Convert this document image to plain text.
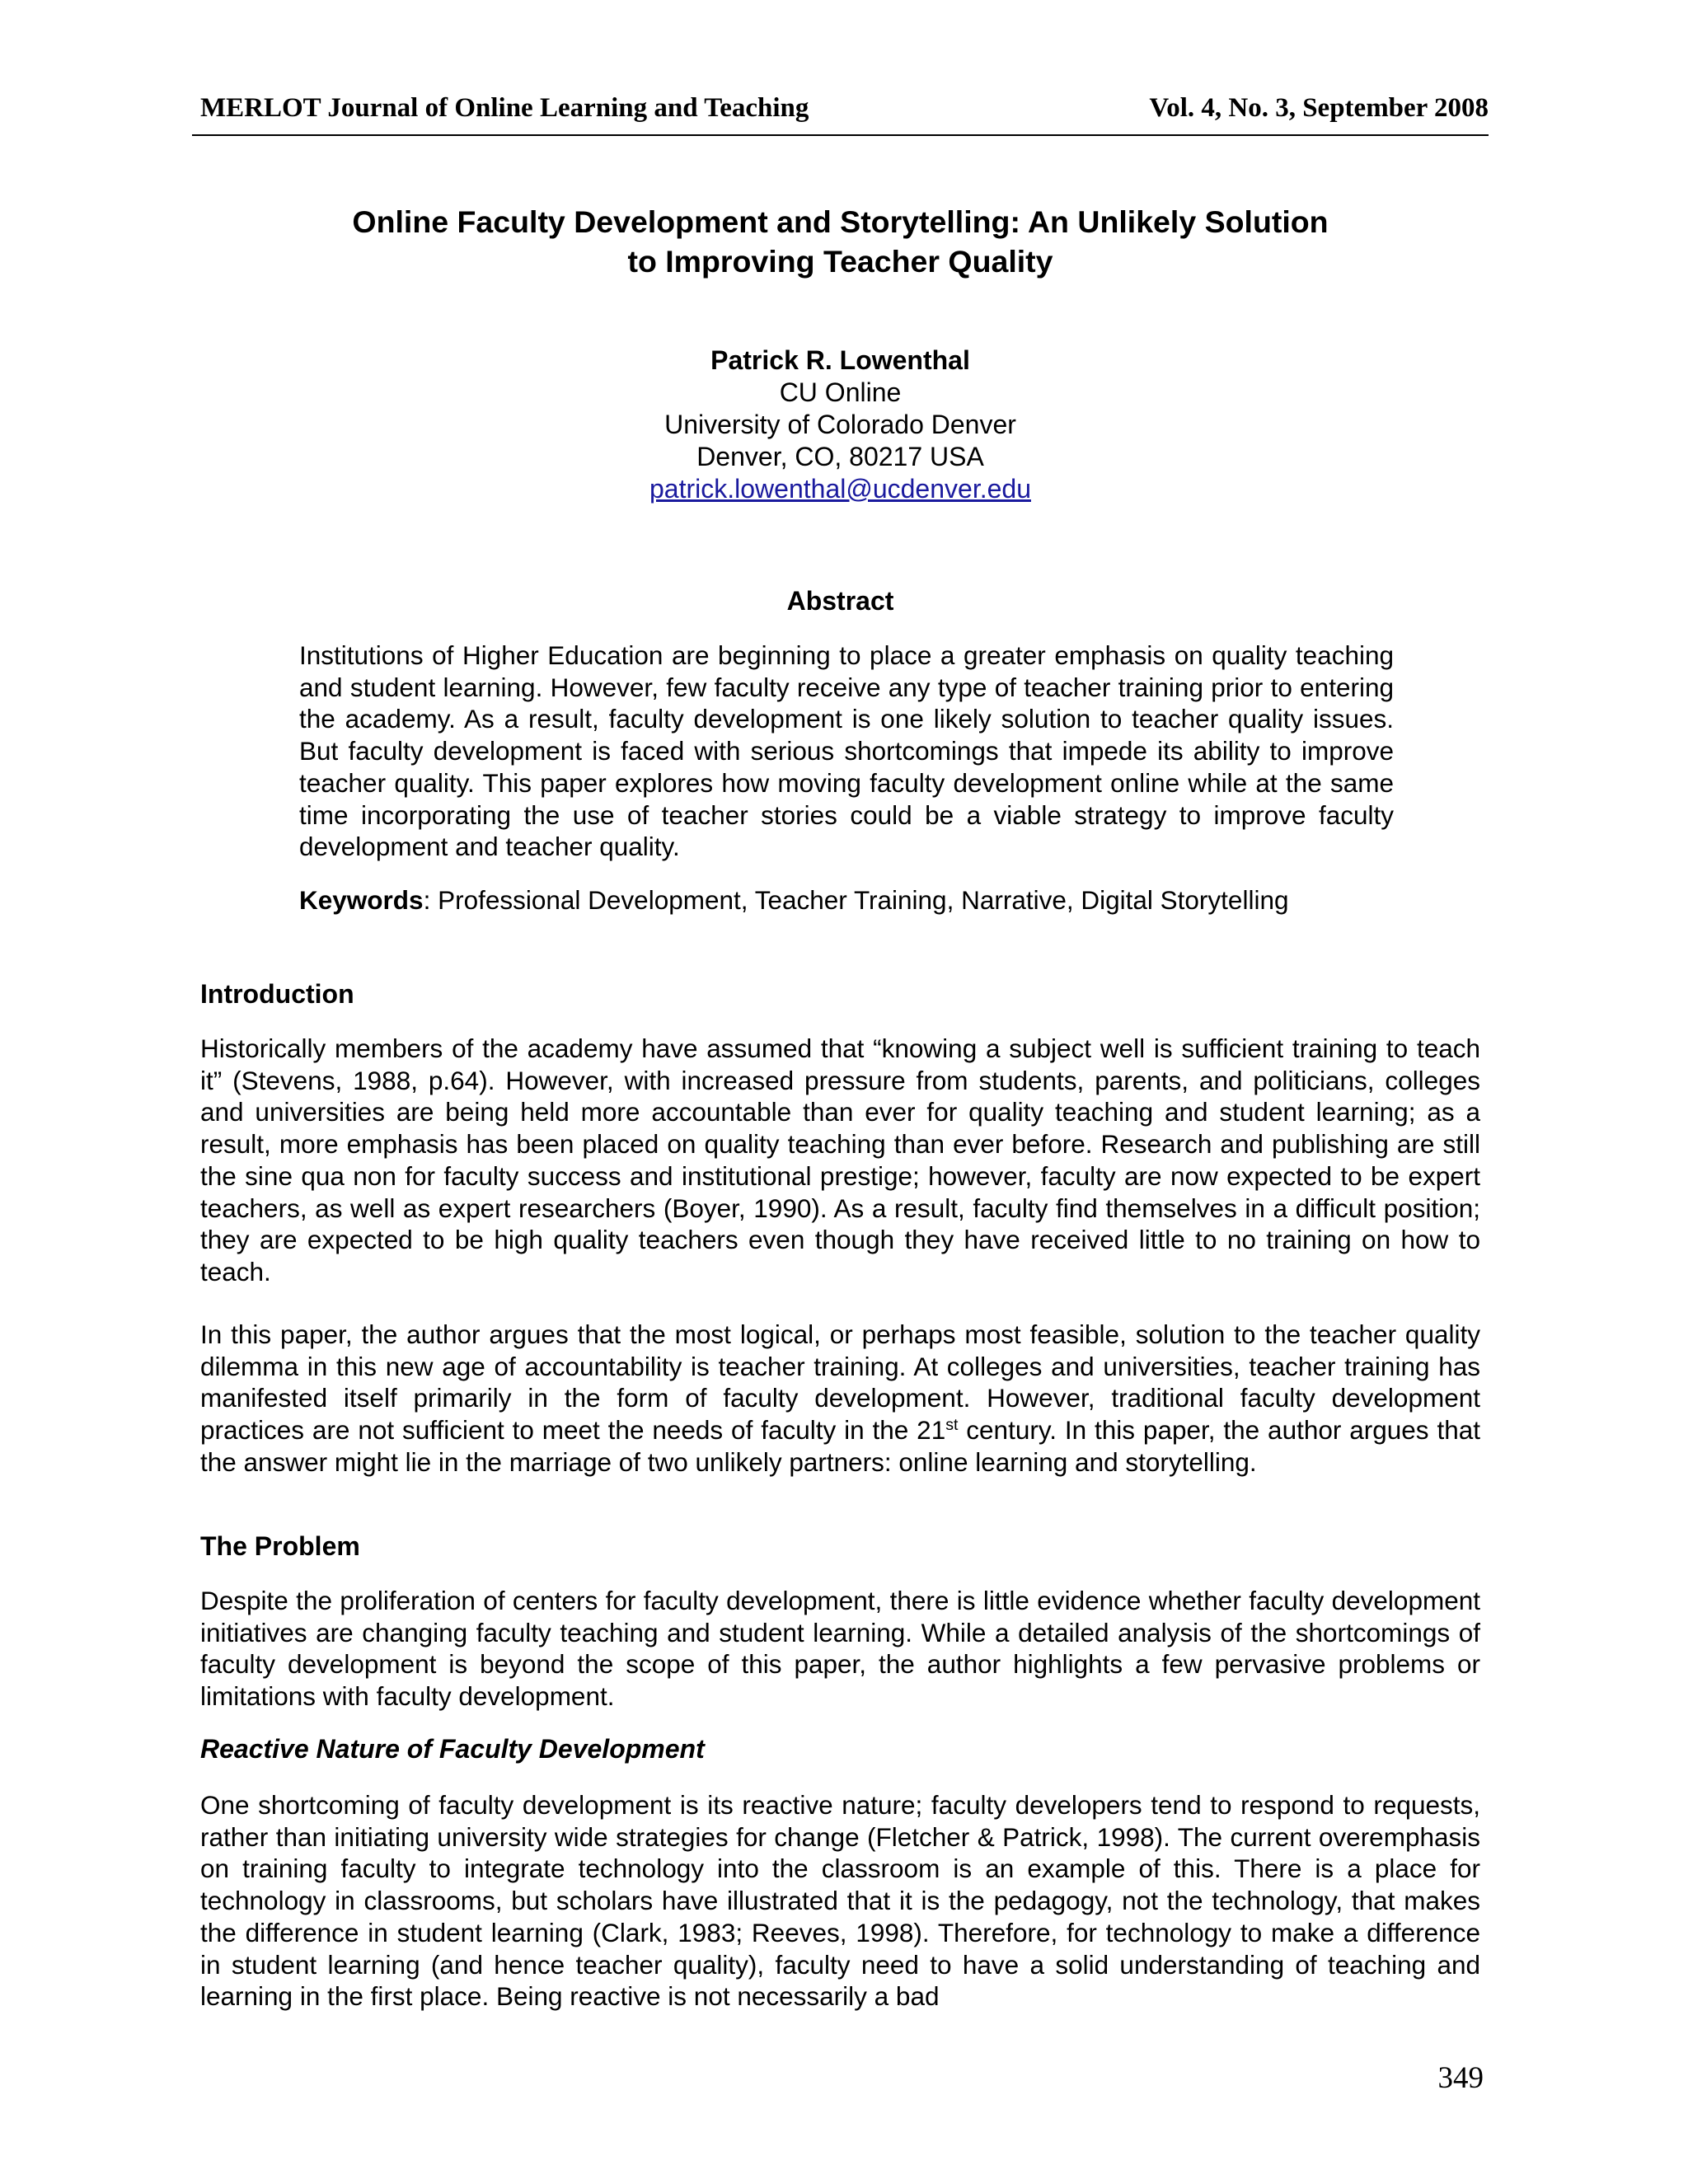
MERLOT Journal of Online Learning and Teaching	Vol. 4, No. 3, September 2008
Online Faculty Development and Storytelling: An Unlikely Solution
to Improving Teacher Quality
Patrick R. Lowenthal
CU Online
University of Colorado Denver
Denver, CO, 80217 USA
patrick.lowenthal@ucdenver.edu
Abstract

Institutions of Higher Education are beginning to place a greater emphasis on quality teaching and student learning. However, few faculty receive any type of teacher training prior to entering the academy. As a result, faculty development is one likely solution to teacher quality issues. But faculty development is faced with serious shortcomings that impede its ability to improve teacher quality. This paper explores how moving faculty development online while at the same time incorporating the use of teacher stories could be a viable strategy to improve faculty development and teacher quality.

Keywords: Professional Development, Teacher Training, Narrative, Digital Storytelling

Introduction

Historically members of the academy have assumed that “knowing a subject well is sufficient training to teach it” (Stevens, 1988, p.64). However, with increased pressure from students, parents, and politicians, colleges and universities are being held more accountable than ever for quality teaching and student learning; as a result, more emphasis has been placed on quality teaching than ever before. Research and publishing are still the sine qua non for faculty success and institutional prestige; however, faculty are now expected to be expert teachers, as well as expert researchers (Boyer, 1990). As a result, faculty find themselves in a difficult position; they are expected to be high quality teachers even though they have received little to no training on how to teach.

In this paper, the author argues that the most logical, or perhaps most feasible, solution to the teacher quality dilemma in this new age of accountability is teacher training. At colleges and universities, teacher training has manifested itself primarily in the form of faculty development. However, traditional faculty development practices are not sufficient to meet the needs of faculty in the 21st century. In this paper, the author argues that the answer might lie in the marriage of two unlikely partners: online learning and storytelling.

The Problem

Despite the proliferation of centers for faculty development, there is little evidence whether faculty development initiatives are changing faculty teaching and student learning. While a detailed analysis of the shortcomings of faculty development is beyond the scope of this paper, the author highlights a few pervasive problems or limitations with faculty development.

Reactive Nature of Faculty Development

One shortcoming of faculty development is its reactive nature; faculty developers tend to respond to requests, rather than initiating university wide strategies for change (Fletcher & Patrick, 1998). The current overemphasis on training faculty to integrate technology into the classroom is an example of this. There is a place for technology in classrooms, but scholars have illustrated that it is the pedagogy, not the technology, that makes the difference in student learning (Clark, 1983; Reeves, 1998). Therefore, for technology to make a difference in student learning (and hence teacher quality), faculty need to have a solid understanding of teaching and learning in the first place. Being reactive is not necessarily a bad

349
